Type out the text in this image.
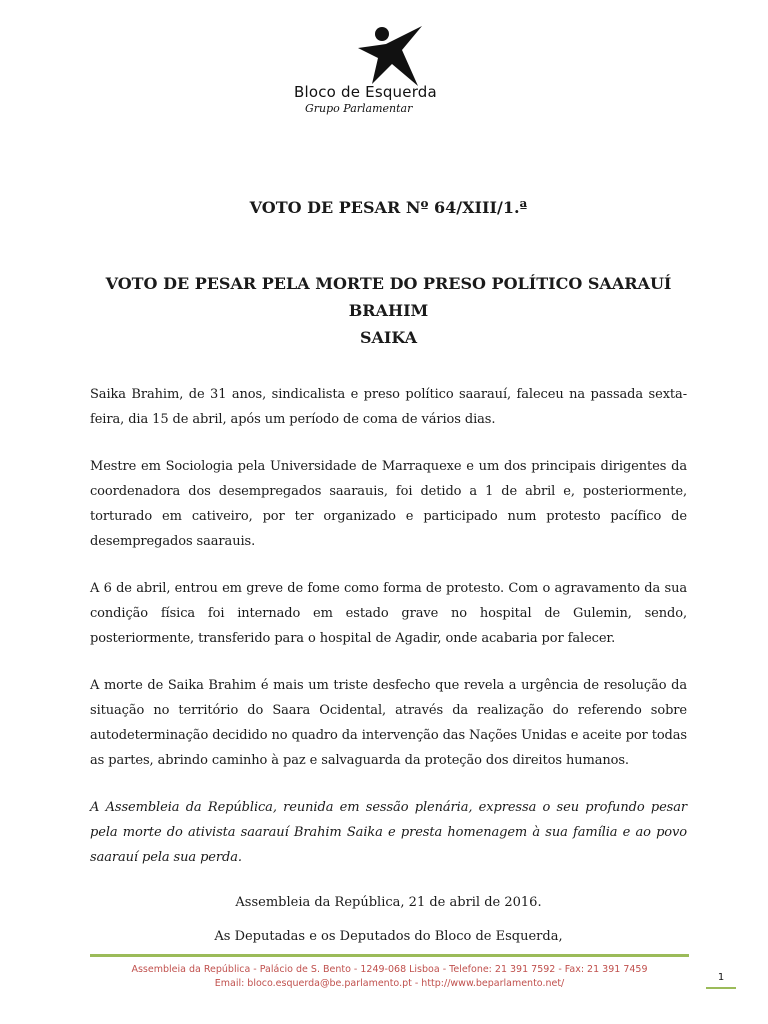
Bloco de Esquerda
Grupo Parlamentar
VOTO DE PESAR Nº 64/XIII/1.ª
VOTO DE PESAR PELA MORTE DO PRESO POLÍTICO SAARAUÍ BRAHIM
SAIKA

Saika Brahim, de 31 anos, sindicalista e preso político saarauí, faleceu na passada sexta-feira, dia 15 de abril, após um período de coma de vários dias.

Mestre em Sociologia pela Universidade de Marraquexe e um dos principais dirigentes da coordenadora dos desempregados saarauis, foi detido a 1 de abril e, posteriormente, torturado em cativeiro, por ter organizado e participado num protesto pacífico de desempregados saarauis.

A 6 de abril, entrou em greve de fome como forma de protesto. Com o agravamento da sua condição física foi internado em estado grave no hospital de Gulemin, sendo, posteriormente, transferido para o hospital de Agadir, onde acabaria por falecer.

A morte de Saika Brahim é mais um triste desfecho que revela a urgência de resolução da situação no território do Saara Ocidental, através da realização do referendo sobre autodeterminação decidido no quadro da intervenção das Nações Unidas e aceite por todas as partes, abrindo caminho à paz e salvaguarda da proteção dos direitos humanos.

A Assembleia da República, reunida em sessão plenária, expressa o seu profundo pesar pela morte do ativista saarauí Brahim Saika e presta homenagem à sua família e ao povo saarauí pela sua perda.

Assembleia da República, 21 de abril de 2016.

As Deputadas e os Deputados do Bloco de Esquerda,

Assembleia da República - Palácio de S. Bento - 1249-068 Lisboa - Telefone: 21 391 7592 - Fax: 21 391 7459
Email: bloco.esquerda@be.parlamento.pt - http://www.beparlamento.net/
1
